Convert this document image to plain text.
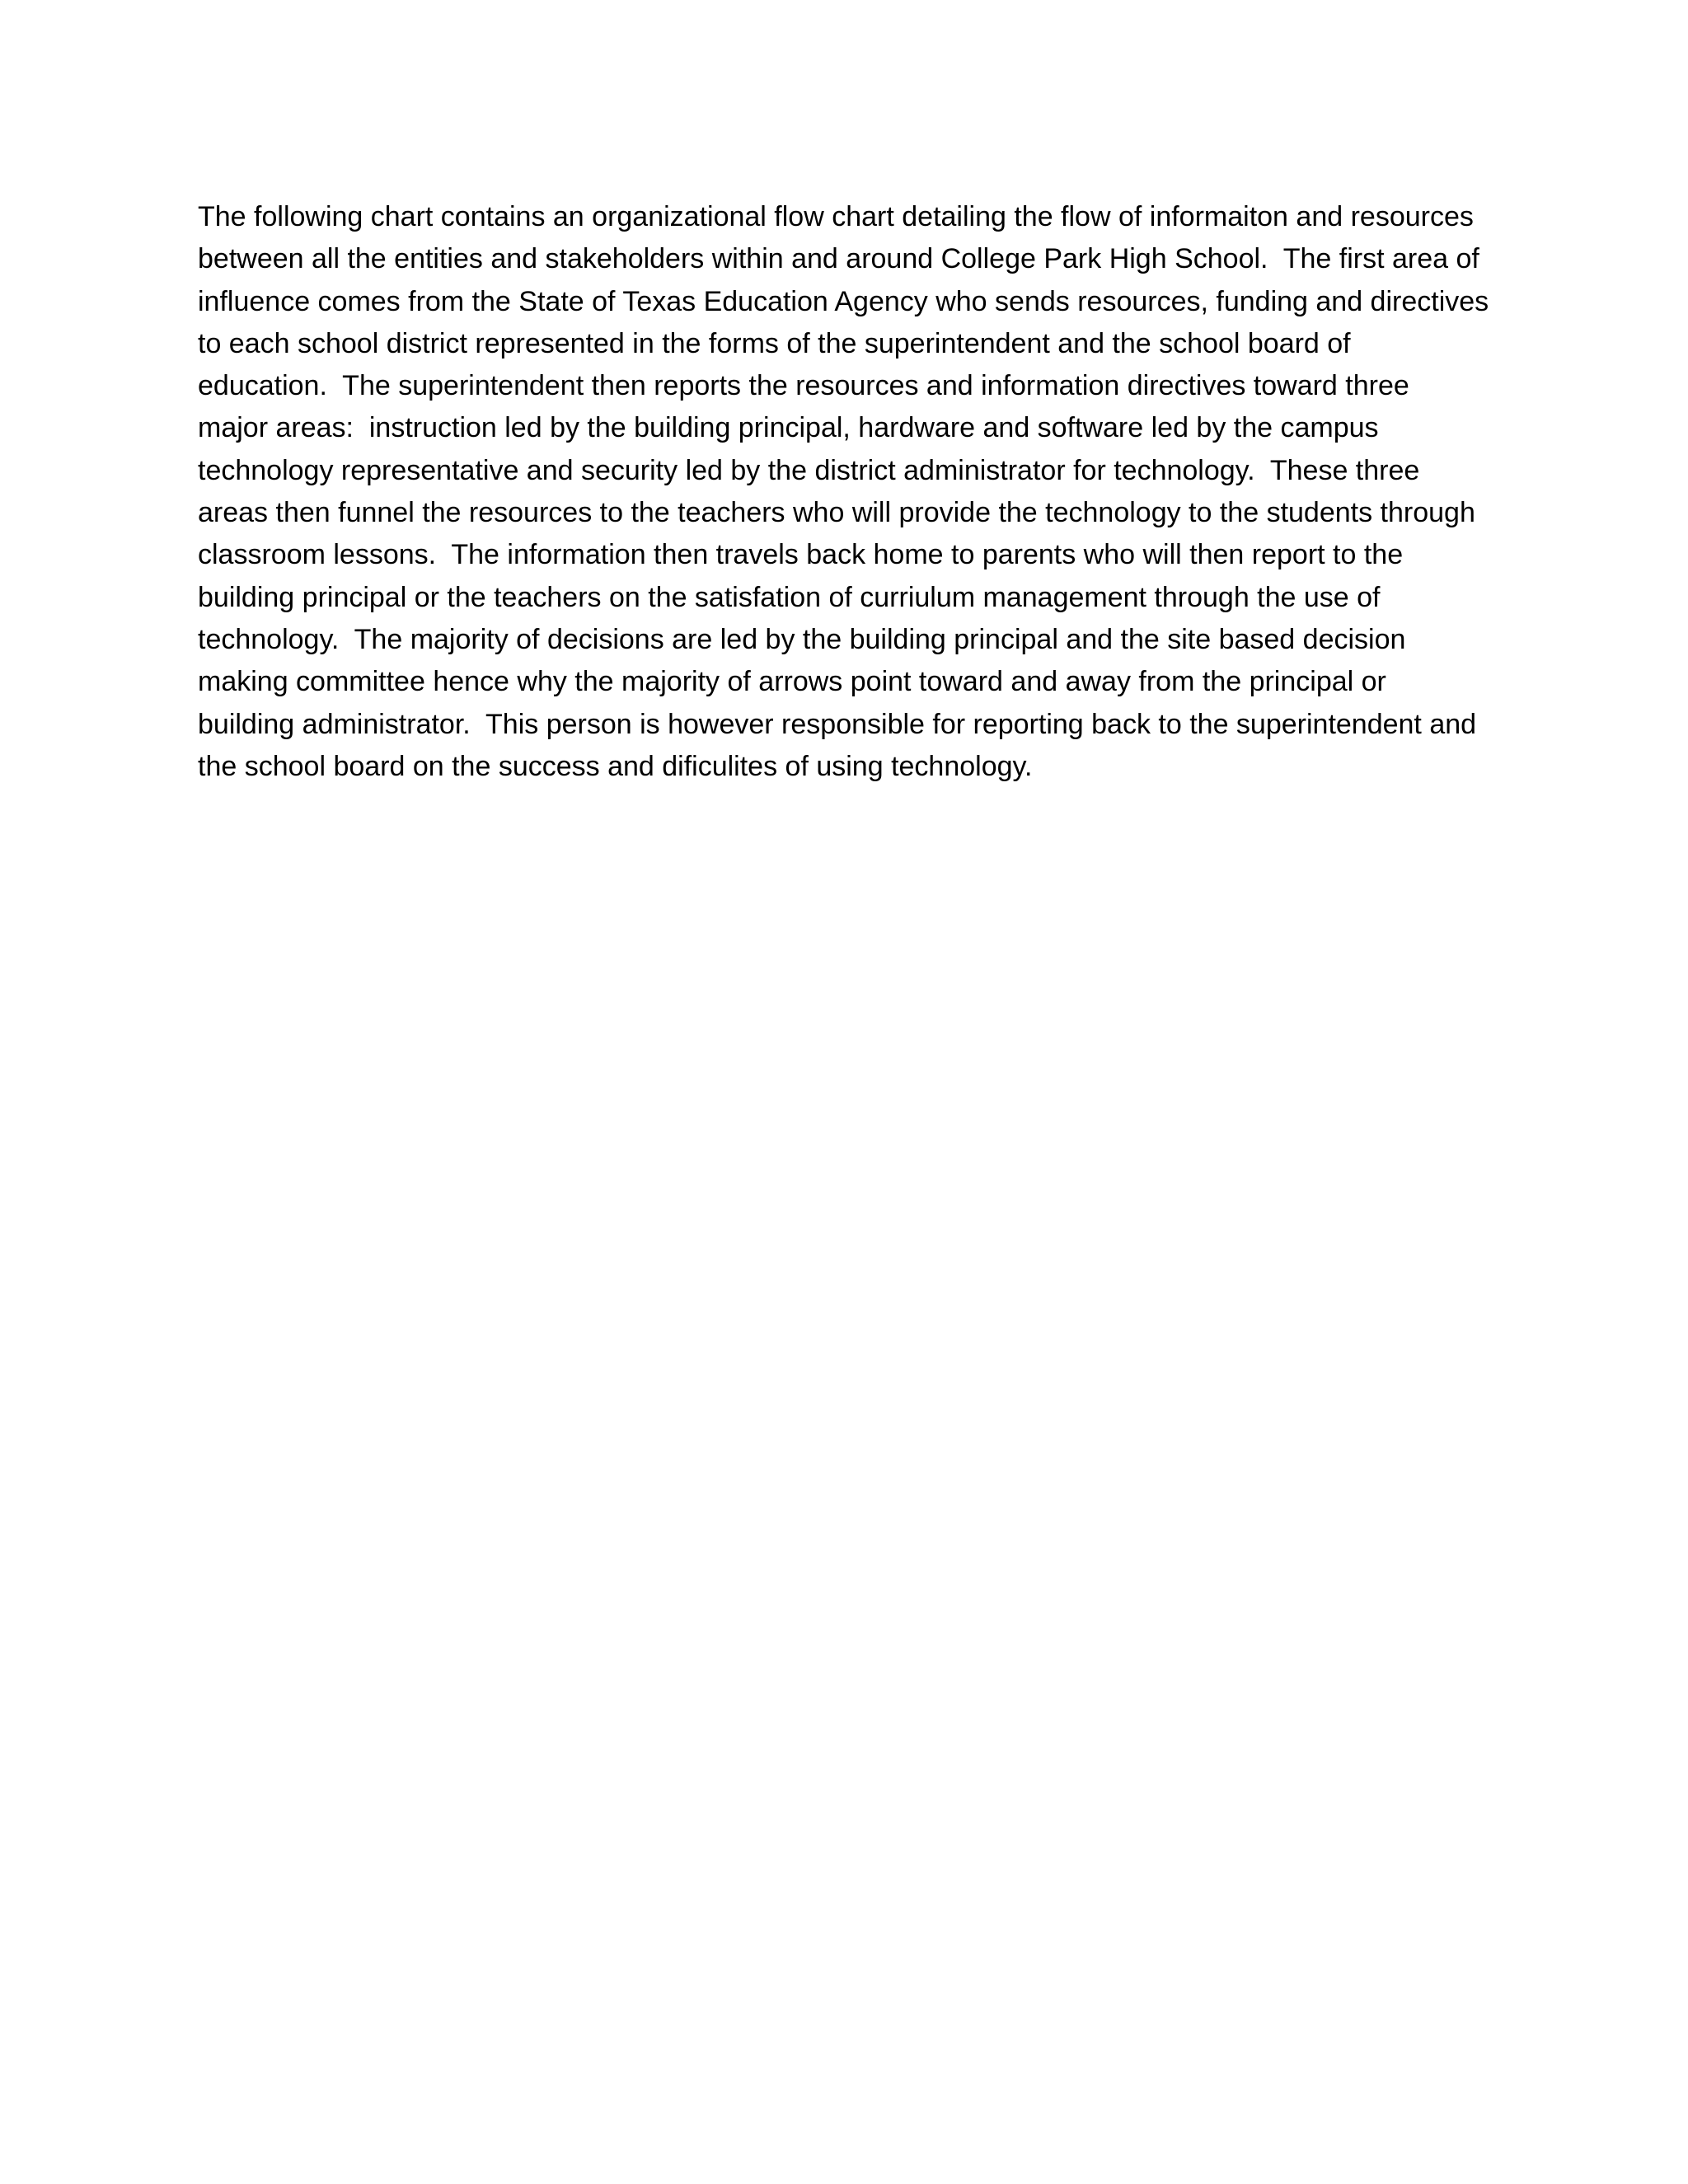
The following chart contains an organizational flow chart detailing the flow of informaiton and resources
between all the entities and stakeholders within and around College Park High School.  The first area of
influence comes from the State of Texas Education Agency who sends resources, funding and directives
to each school district represented in the forms of the superintendent and the school board of
education.  The superintendent then reports the resources and information directives toward three
major areas:  instruction led by the building principal, hardware and software led by the campus
technology representative and security led by the district administrator for technology.  These three
areas then funnel the resources to the teachers who will provide the technology to the students through
classroom lessons.  The information then travels back home to parents who will then report to the
building principal or the teachers on the satisfation of curriulum management through the use of
technology.  The majority of decisions are led by the building principal and the site based decision
making committee hence why the majority of arrows point toward and away from the principal or
building administrator.  This person is however responsible for reporting back to the superintendent and
the school board on the success and dificulites of using technology.
